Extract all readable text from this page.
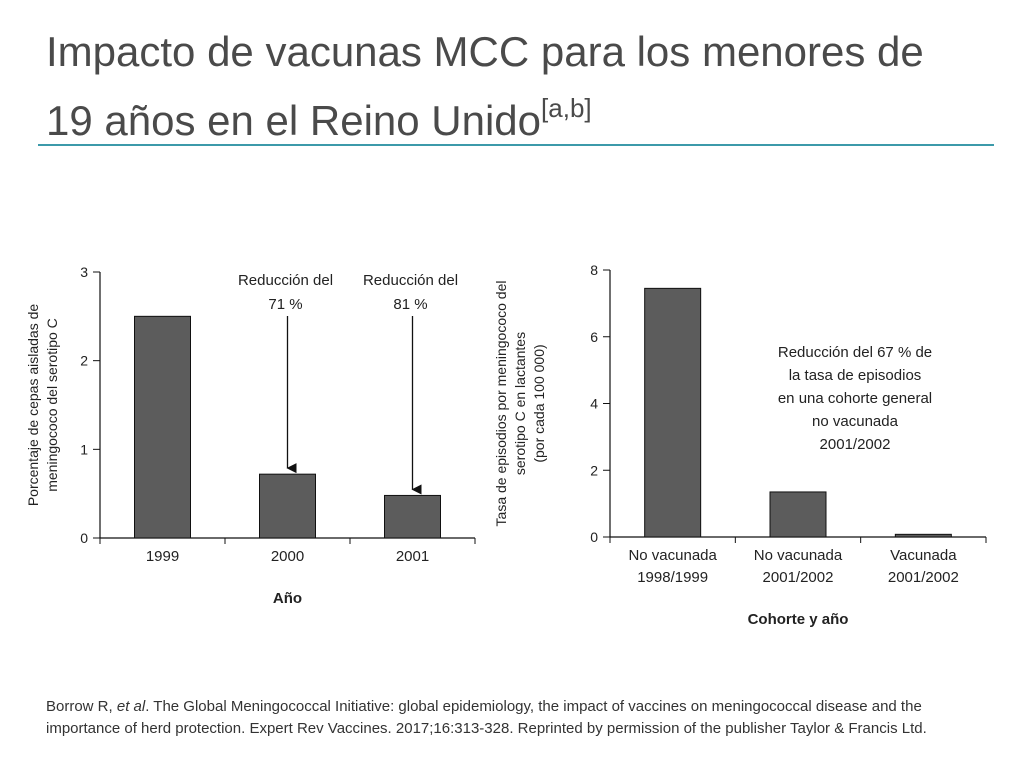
Impacto de vacunas MCC para los menores de
19 años en el Reino Unido[a,b]
0
1
2
3
1999	2000	2001
Año
Porcentaje de cepas aisladas de meningococo del serotipo C
Reducción del
71 %
Reducción del
81 %
0
2
4
6
8
No vacunada
1998/1999
No vacunada
2001/2002
Vacunada
2001/2002
Cohorte y año
Tasa de episodios por meningococo del serotipo C en lactantes (por cada 100 000)	Reducción del 67 % de
la tasa de episodios
en una cohorte general
no vacunada
2001/2002
Borrow R, et al. The Global Meningococcal Initiative: global epidemiology, the impact of vaccines on meningococcal disease and the importance of herd protection. Expert Rev Vaccines. 2017;16:313-328. Reprinted by permission of the publisher Taylor & Francis Ltd.
